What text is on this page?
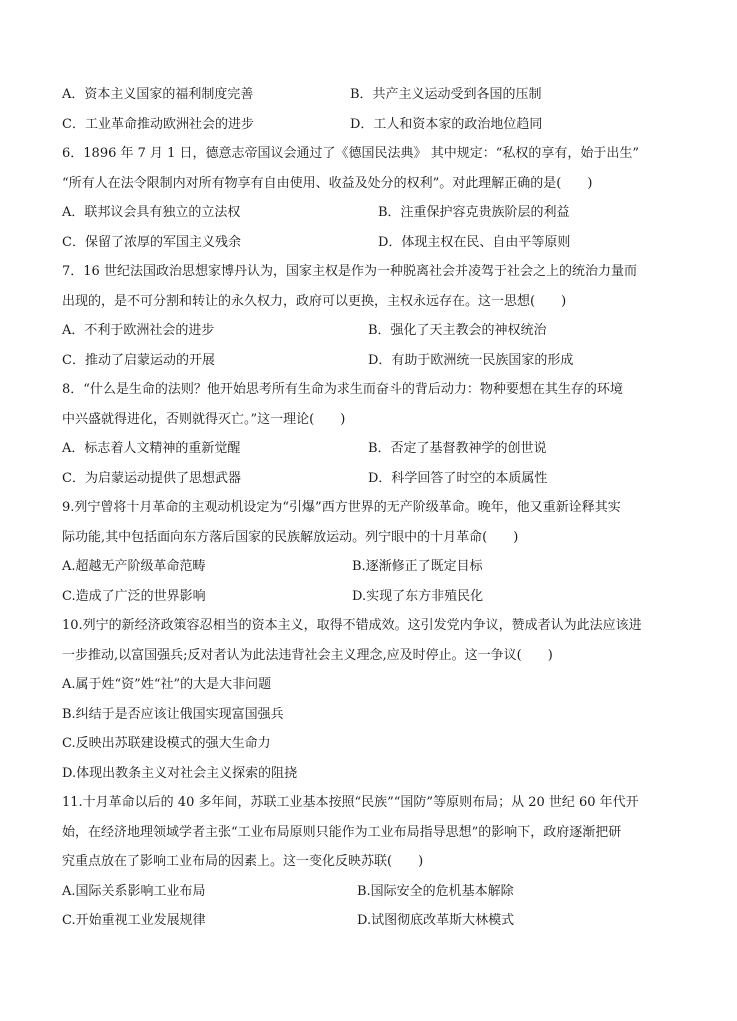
A．资本主义国家的福利制度完善	B．共产主义运动受到各国的压制
C．工业革命推动欧洲社会的进步	D．工人和资本家的政治地位趋同
6．1896 年 7 月 1 日，德意志帝国议会通过了《德国民法典》 其中规定：“私权的享有，始于出生”
“所有人在法令限制内对所有物享有自由使用、收益及处分的权利”。对此理解正确的是(　　)
A．联邦议会具有独立的立法权	B．注重保护容克贵族阶层的利益
C．保留了浓厚的军国主义残余	D．体现主权在民、自由平等原则
7．16 世纪法国政治思想家博丹认为，国家主权是作为一种脱离社会并凌驾于社会之上的统治力量而
出现的，是不可分割和转让的永久权力，政府可以更换，主权永远存在。这一思想(　　)
A．不利于欧洲社会的进步	B．强化了天主教会的神权统治
C．推动了启蒙运动的开展	D．有助于欧洲统一民族国家的形成
8．“什么是生命的法则？他开始思考所有生命为求生而奋斗的背后动力：物种要想在其生存的环境
中兴盛就得进化，否则就得灭亡。”这一理论(　　)
A．标志着人文精神的重新觉醒	B．否定了基督教神学的创世说
C．为启蒙运动提供了思想武器	D．科学回答了时空的本质属性
9.列宁曾将十月革命的主观动机设定为“引爆”西方世界的无产阶级革命。晚年，他又重新诠释其实
际功能,其中包括面向东方落后国家的民族解放运动。列宁眼中的十月革命(　　)
A.超越无产阶级革命范畴	B.逐渐修正了既定目标
C.造成了广泛的世界影响	D.实现了东方非殖民化
10.列宁的新经济政策容忍相当的资本主义，取得不错成效。这引发党内争议，赞成者认为此法应该进
一步推动,以富国强兵;反对者认为此法违背社会主义理念,应及时停止。这一争议(　　)
A.属于姓“资”姓“社”的大是大非问题
B.纠结于是否应该让俄国实现富国强兵
C.反映出苏联建设模式的强大生命力
D.体现出教条主义对社会主义探索的阻挠
11.十月革命以后的 40 多年间，苏联工业基本按照“民族”“国防”等原则布局；从 20 世纪 60 年代开
始，在经济地理领域学者主张“工业布局原则只能作为工业布局指导思想”的影响下，政府逐渐把研
究重点放在了影响工业布局的因素上。这一变化反映苏联(　　)
A.国际关系影响工业布局	B.国际安全的危机基本解除
C.开始重视工业发展规律	D.试图彻底改革斯大林模式
